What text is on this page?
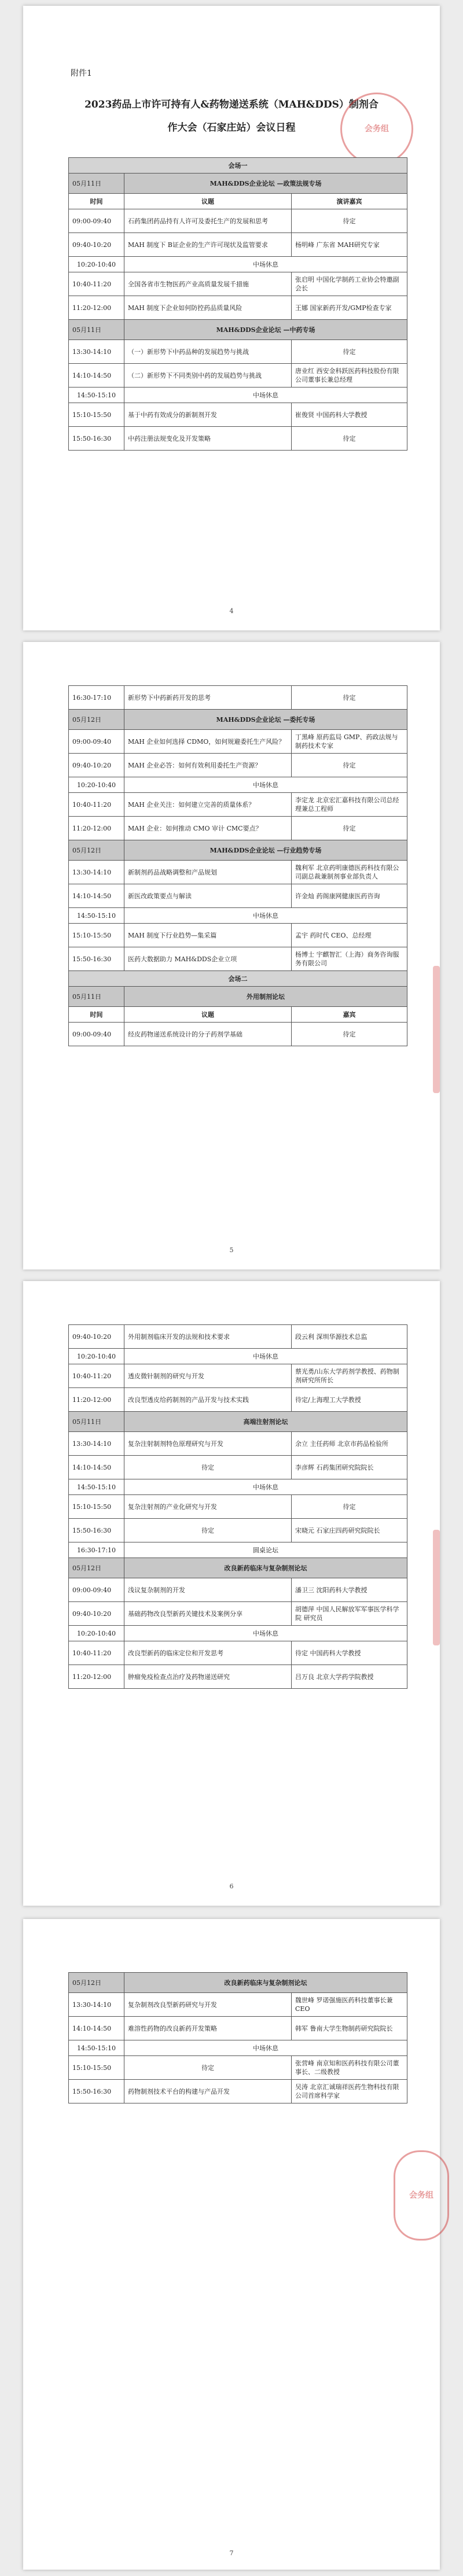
附件1
2023药品上市许可持有人&药物递送系统（MAH&DDS）制剂合
作大会（石家庄站）会议日程	会务组
会场一		
05月11日	MAH&DDS企业论坛 —政策法规专场	
时间	议题	演讲嘉宾
09:00-09:40	石药集团药品持有人许可及委托生产的发展和思考	待定
09:40-10:20	MAH 制度下 B证企业的生产许可现状及监管要求	杨明峰 广东省 MAH研究专家
10:20-10:40	中场休息	
10:40-11:20	全国各省市生物医药产业高质量发展千措施	张启明 中国化学制药工业协会特邀副会长
11:20-12:00	MAH 制度下企业如何防控药品质量风险	王娜 国家新药开发/GMP检查专家
05月11日	MAH&DDS企业论坛 —中药专场	
13:30-14:10	（一）新形势下中药品种的发展趋势与挑战	待定
14:10-14:50	（二）新形势下不同类别中药的发展趋势与挑战	唐业红 西安金科跃医药科技股份有限公司董事长兼总经理
14:50-15:10	中场休息	
15:10-15:50	基于中药有效成分的新制剂开发	崔俊贤 中国药科大学教授
15:50-16:30	中药注册法规变化及开发策略	待定
4
16:30-17:10	新形势下中药新药开发的思考	待定
05月12日	MAH&DDS企业论坛 —委托专场	
09:00-09:40	MAH 企业如何选择 CDMO，如何规避委托生产风险？	丁黑峰 原药监局 GMP、药政法规与制药技术专家
09:40-10:20	MAH 企业必答：如何有效利用委托生产资源？	待定
10:20-10:40	中场休息	
10:40-11:20	MAH 企业关注：如何建立完善的质量体系？	李定龙 北京宏汇嘉科技有限公司总经理兼总工程师
11:20-12:00	MAH 企业：如何推动 CMO 审计 CMC要点？	待定
05月12日	MAH&DDS企业论坛 —行业趋势专场	
13:30-14:10	新制剂药品战略调整和产品规划	魏利军 北京药明康德医药科技有限公司副总裁兼制剂事业部负责人
14:10-14:50	新医改政策要点与解读	许金灿 药阁康网健康医药咨询
14:50-15:10	中场休息	
15:10-15:50	MAH 制度下行业趋势—集采篇	孟宇 药时代 CEO、总经理
15:50-16:30	医药大数据助力 MAH&DDS企业立项	杨博士 宇麒智汇（上海）商务咨询服务有限公司
会场二		
05月11日	外用制剂论坛	
时间	议题	嘉宾
09:00-09:40	经皮药物递送系统设计的分子药剂学基础	待定
5
09:40-10:20	外用制剂临床开发的法规和技术要求	段云利 深圳华源技术总监
10:20-10:40	中场休息	
10:40-11:20	透皮微针制剂的研究与开发	蔡光勇/山东大学药剂学教授、药物制剂研究所所长
11:20-12:00	改良型透皮给药制剂的产品开发与技术实践	待定/上海理工大学教授
05月11日	高端注射剂论坛	
13:30-14:10	复杂注射制剂特色原理研究与开发	余立 主任药师 北京市药品检验所
14:10-14:50	待定	李彦辉 石药集团研究院院长
14:50-15:10	中场休息	
15:10-15:50	复杂注射剂的产业化研究与开发	待定
15:50-16:30	待定	宋晓元 石家庄四药研究院院长
16:30-17:10	圆桌论坛	
05月12日	改良新药临床与复杂制剂论坛	
09:00-09:40	浅议复杂制剂的开发	潘卫三 沈阳药科大学教授
09:40-10:20	基础药物改良型新药关键技术及案例分享	胡德萍 中国人民解放军军事医学科学院 研究员
10:20-10:40	中场休息	
10:40-11:20	改良型新药的临床定位和开发思考	待定 中国药科大学教授
11:20-12:00	肿瘤免疫检查点治疗及药物递送研究	吕万良 北京大学药学院教授
6
会务组
05月12日	改良新药临床与复杂制剂论坛	
13:30-14:10	复杂制剂改良型新药研究与开发	魏世峰 罗诺强施医药科技董事长兼 CEO
14:10-14:50	难溶性药物的改良新药开发策略	韩军 鲁南大学生物制药研究院院长
14:50-15:10	中场休息	
15:10-15:50	待定	张营峰 南京知和医药科技有限公司董事长、二级教授
15:50-16:30	药物制剂技术平台的构建与产品开发	吴涛 北京汇诚瑞祥医药生物科技有限公司首席科学家
7
